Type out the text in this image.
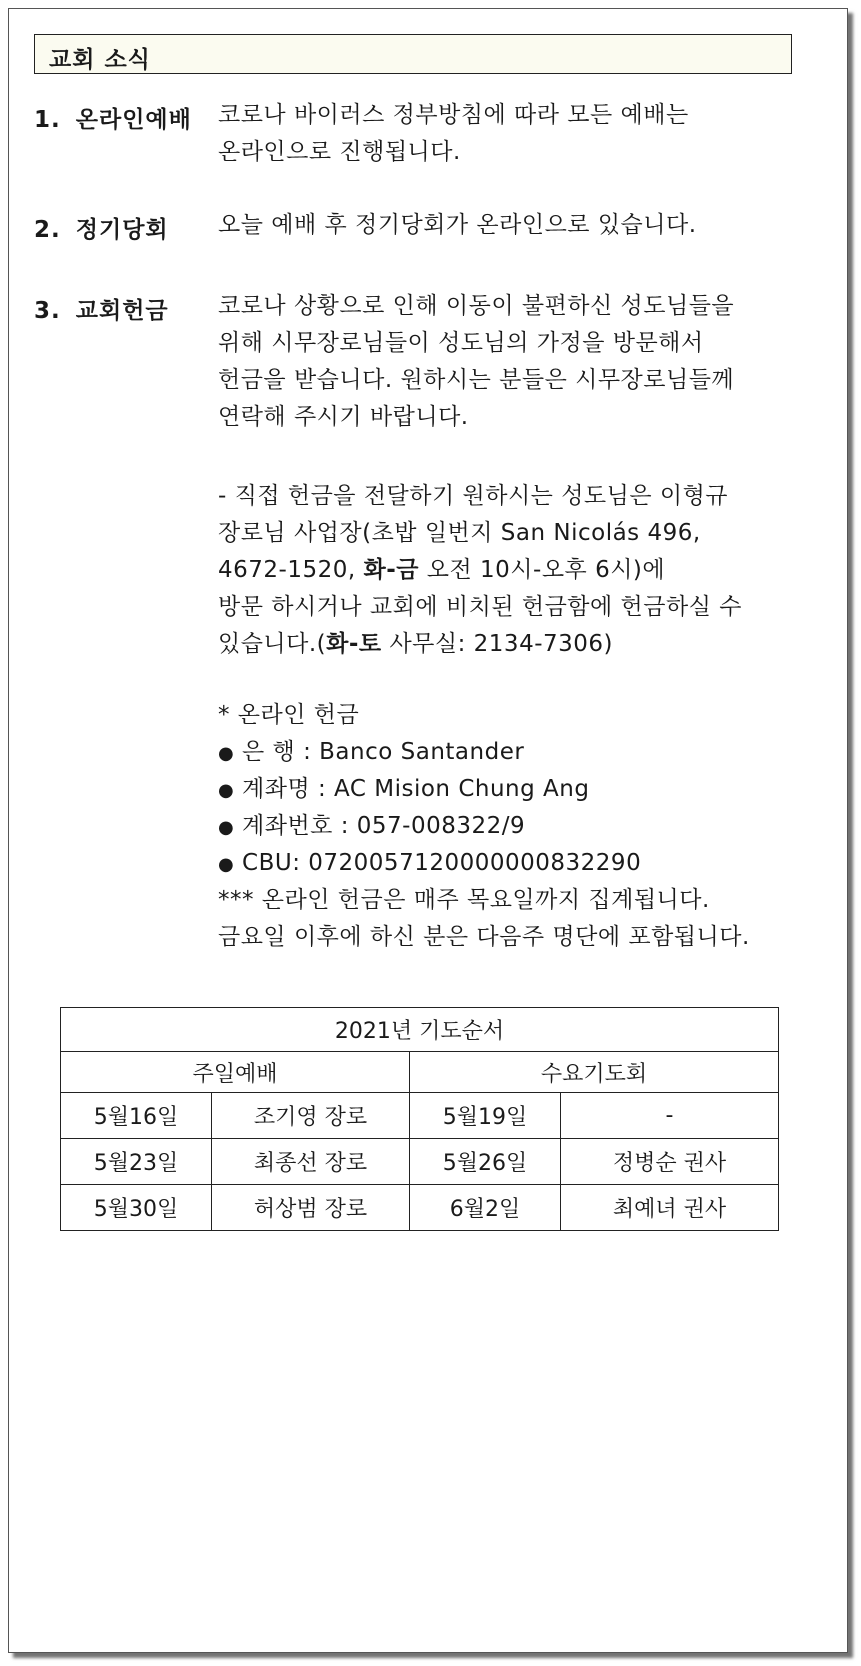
교회 소식
1. 온라인예배 코로나 바이러스 정부방침에 따라 모든 예배는
온라인으로 진행됩니다.
2. 정기당회 오늘 예배 후 정기당회가 온라인으로 있습니다.
3. 교회헌금 코로나 상황으로 인해 이동이 불편하신 성도님들을
위해 시무장로님들이 성도님의 가정을 방문해서
헌금을 받습니다. 원하시는 분들은 시무장로님들께
연락해 주시기 바랍니다.
- 직접 헌금을 전달하기 원하시는 성도님은 이형규
장로님 사업장(초밥 일번지 San Nicolás 496,
4672-1520, 화-금 오전 10시-오후 6시)에
방문 하시거나 교회에 비치된 헌금함에 헌금하실 수
있습니다.(화-토 사무실: 2134-7306)
* 온라인 헌금
● 은 행 : Banco Santander
● 계좌명 : AC Mision Chung Ang
● 계좌번호 : 057-008322/9
● CBU: 0720057120000000832290
*** 온라인 헌금은 매주 목요일까지 집계됩니다.
금요일 이후에 하신 분은 다음주 명단에 포함됩니다.
2021년 기도순서			
주일예배		수요기도회	
5월16일	조기영 장로	5월19일	-
5월23일	최종선 장로	5월26일	정병순 권사
5월30일	허상범 장로	6월2일	최예녀 권사
